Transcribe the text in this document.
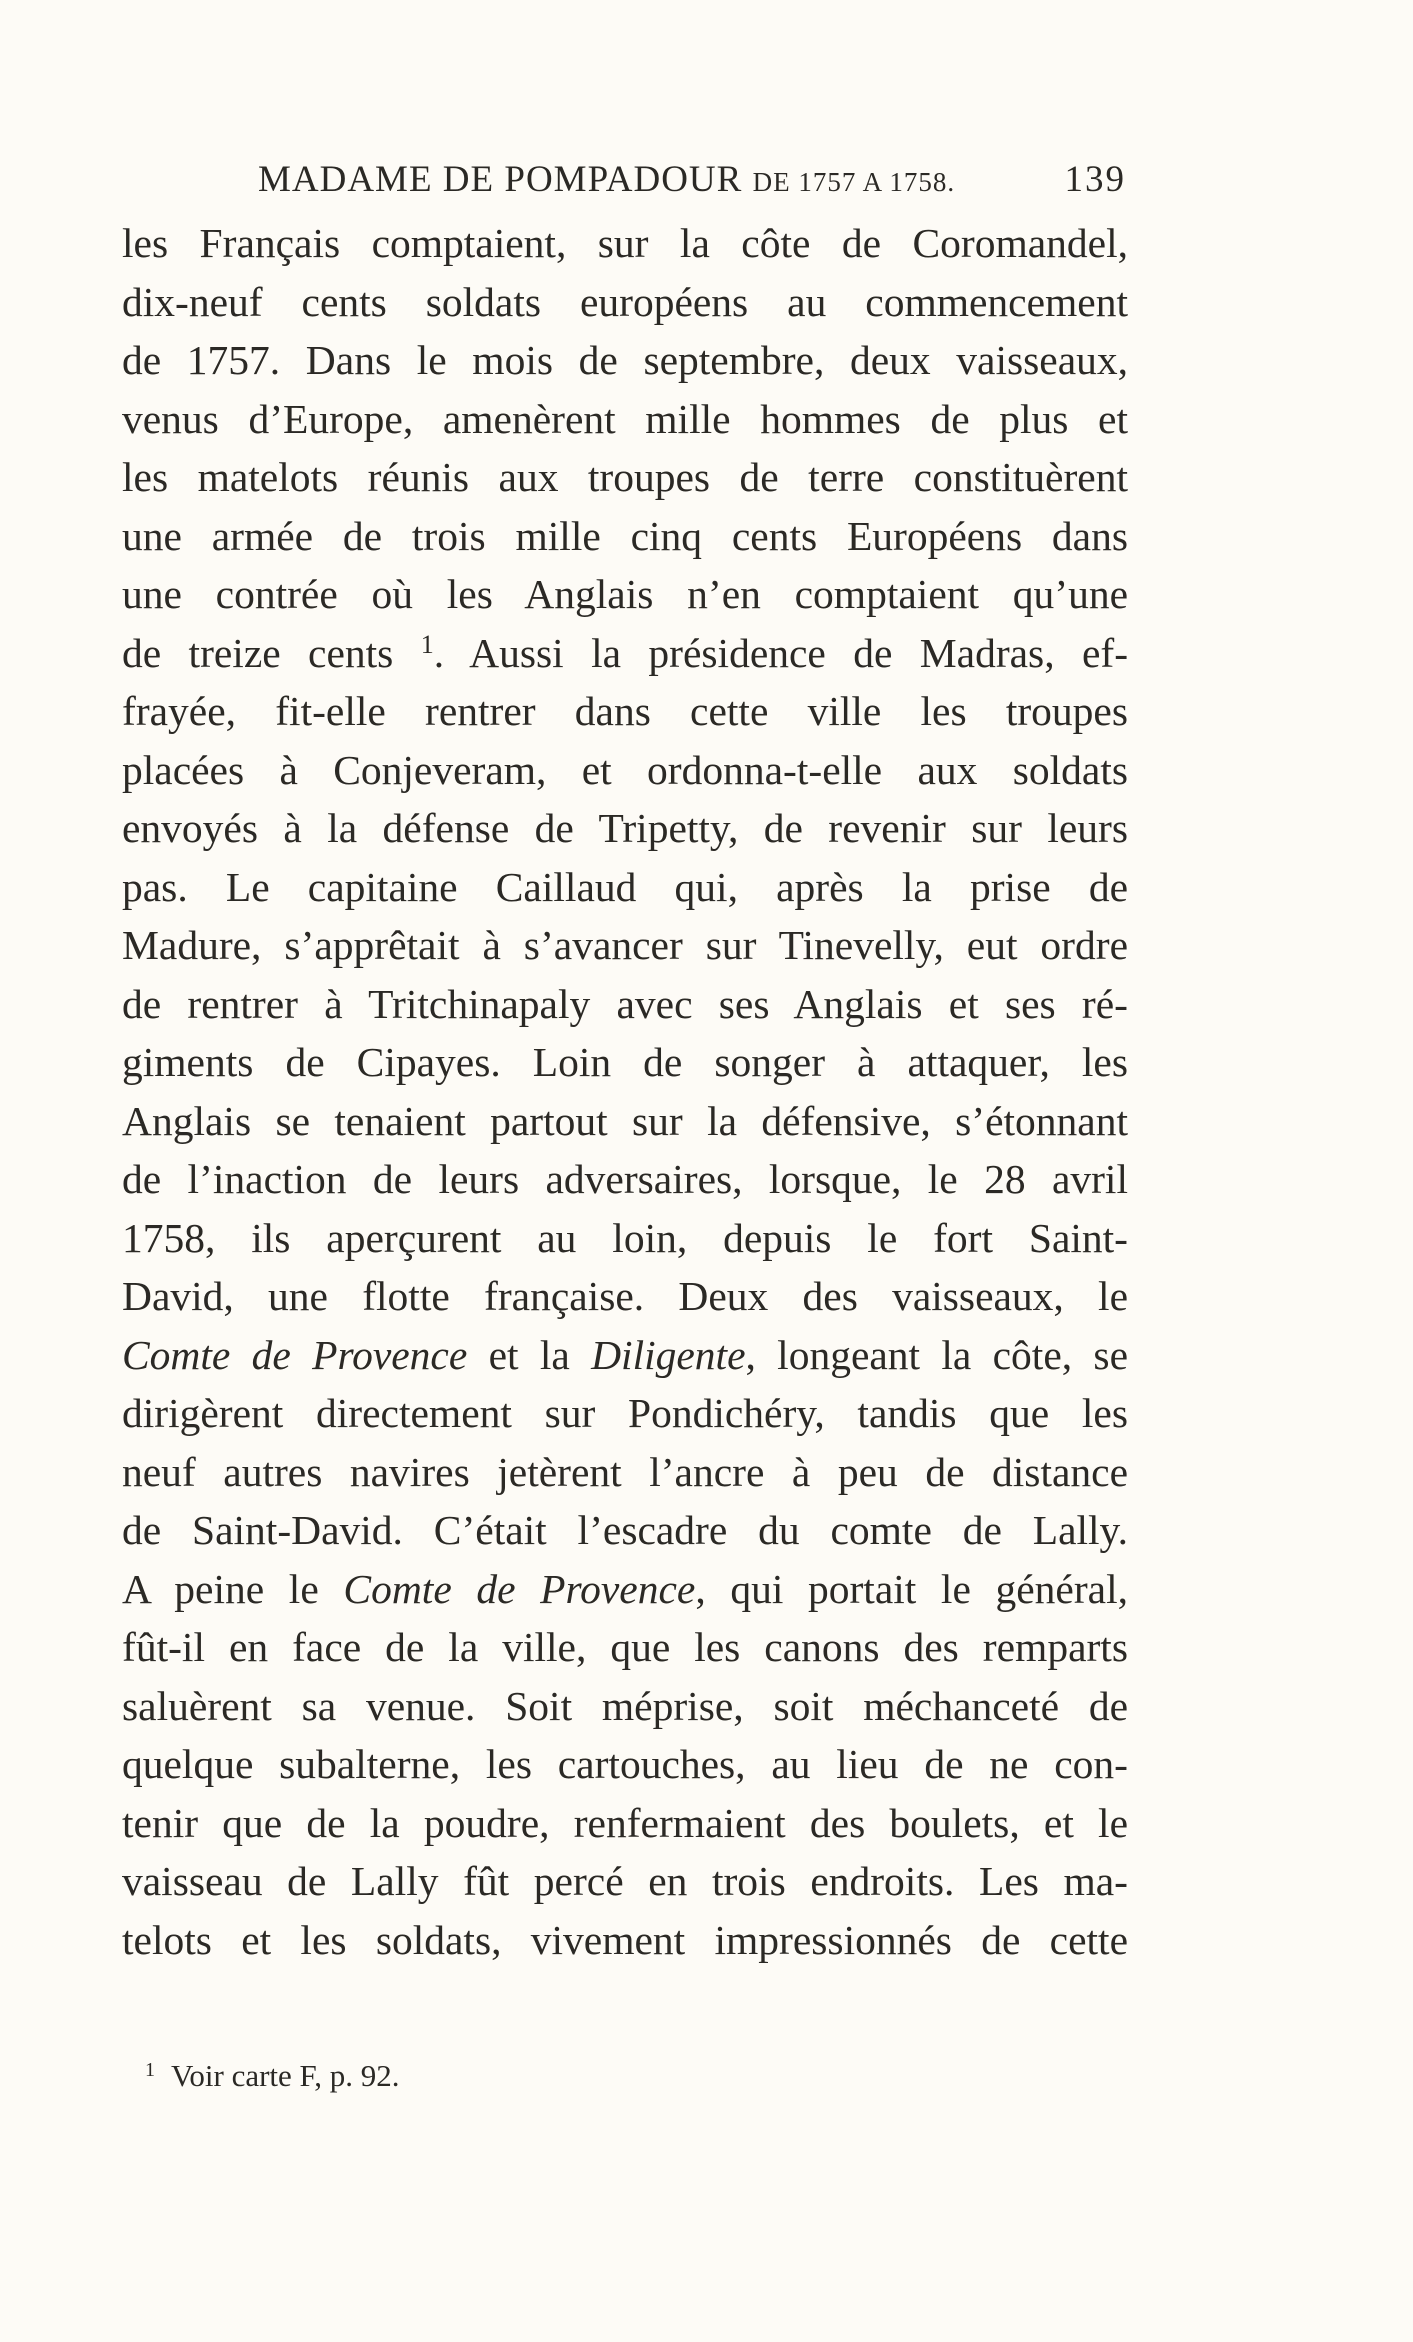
MADAME DE POMPADOUR DE 1757 A 1758.	139
les Français comptaient, sur la côte de Coromandel,
dix-neuf cents soldats européens au commencement
de 1757. Dans le mois de septembre, deux vaisseaux,
venus d’Europe, amenèrent mille hommes de plus et
les matelots réunis aux troupes de terre constituèrent
une armée de trois mille cinq cents Européens dans
une contrée où les Anglais n’en comptaient qu’une
de treize cents $^1$. Aussi la présidence de Madras, ef-
frayée, fit-elle rentrer dans cette ville les troupes
placées à Conjeveram, et ordonna-t-elle aux soldats
envoyés à la défense de Tripetty, de revenir sur leurs
pas. Le capitaine Caillaud qui, après la prise de
Madure, s’apprêtait à s’avancer sur Tinevelly, eut ordre
de rentrer à Tritchinapaly avec ses Anglais et ses ré-
giments de Cipayes. Loin de songer à attaquer, les
Anglais se tenaient partout sur la défensive, s’étonnant
de l’inaction de leurs adversaires, lorsque, le 28 avril
1758, ils aperçurent au loin, depuis le fort Saint-
David, une flotte française. Deux des vaisseaux, le
Comte de Provence et la Diligente, longeant la côte, se
dirigèrent directement sur Pondichéry, tandis que les
neuf autres navires jetèrent l’ancre à peu de distance
de Saint-David. C’était l’escadre du comte de Lally.
A peine le Comte de Provence, qui portait le général,
fût-il en face de la ville, que les canons des remparts
saluèrent sa venue. Soit méprise, soit méchanceté de
quelque subalterne, les cartouches, au lieu de ne con-
tenir que de la poudre, renfermaient des boulets, et le
vaisseau de Lally fût percé en trois endroits. Les ma-
telots et les soldats, vivement impressionnés de cette
$^1$ Voir carte F, p. 92.
